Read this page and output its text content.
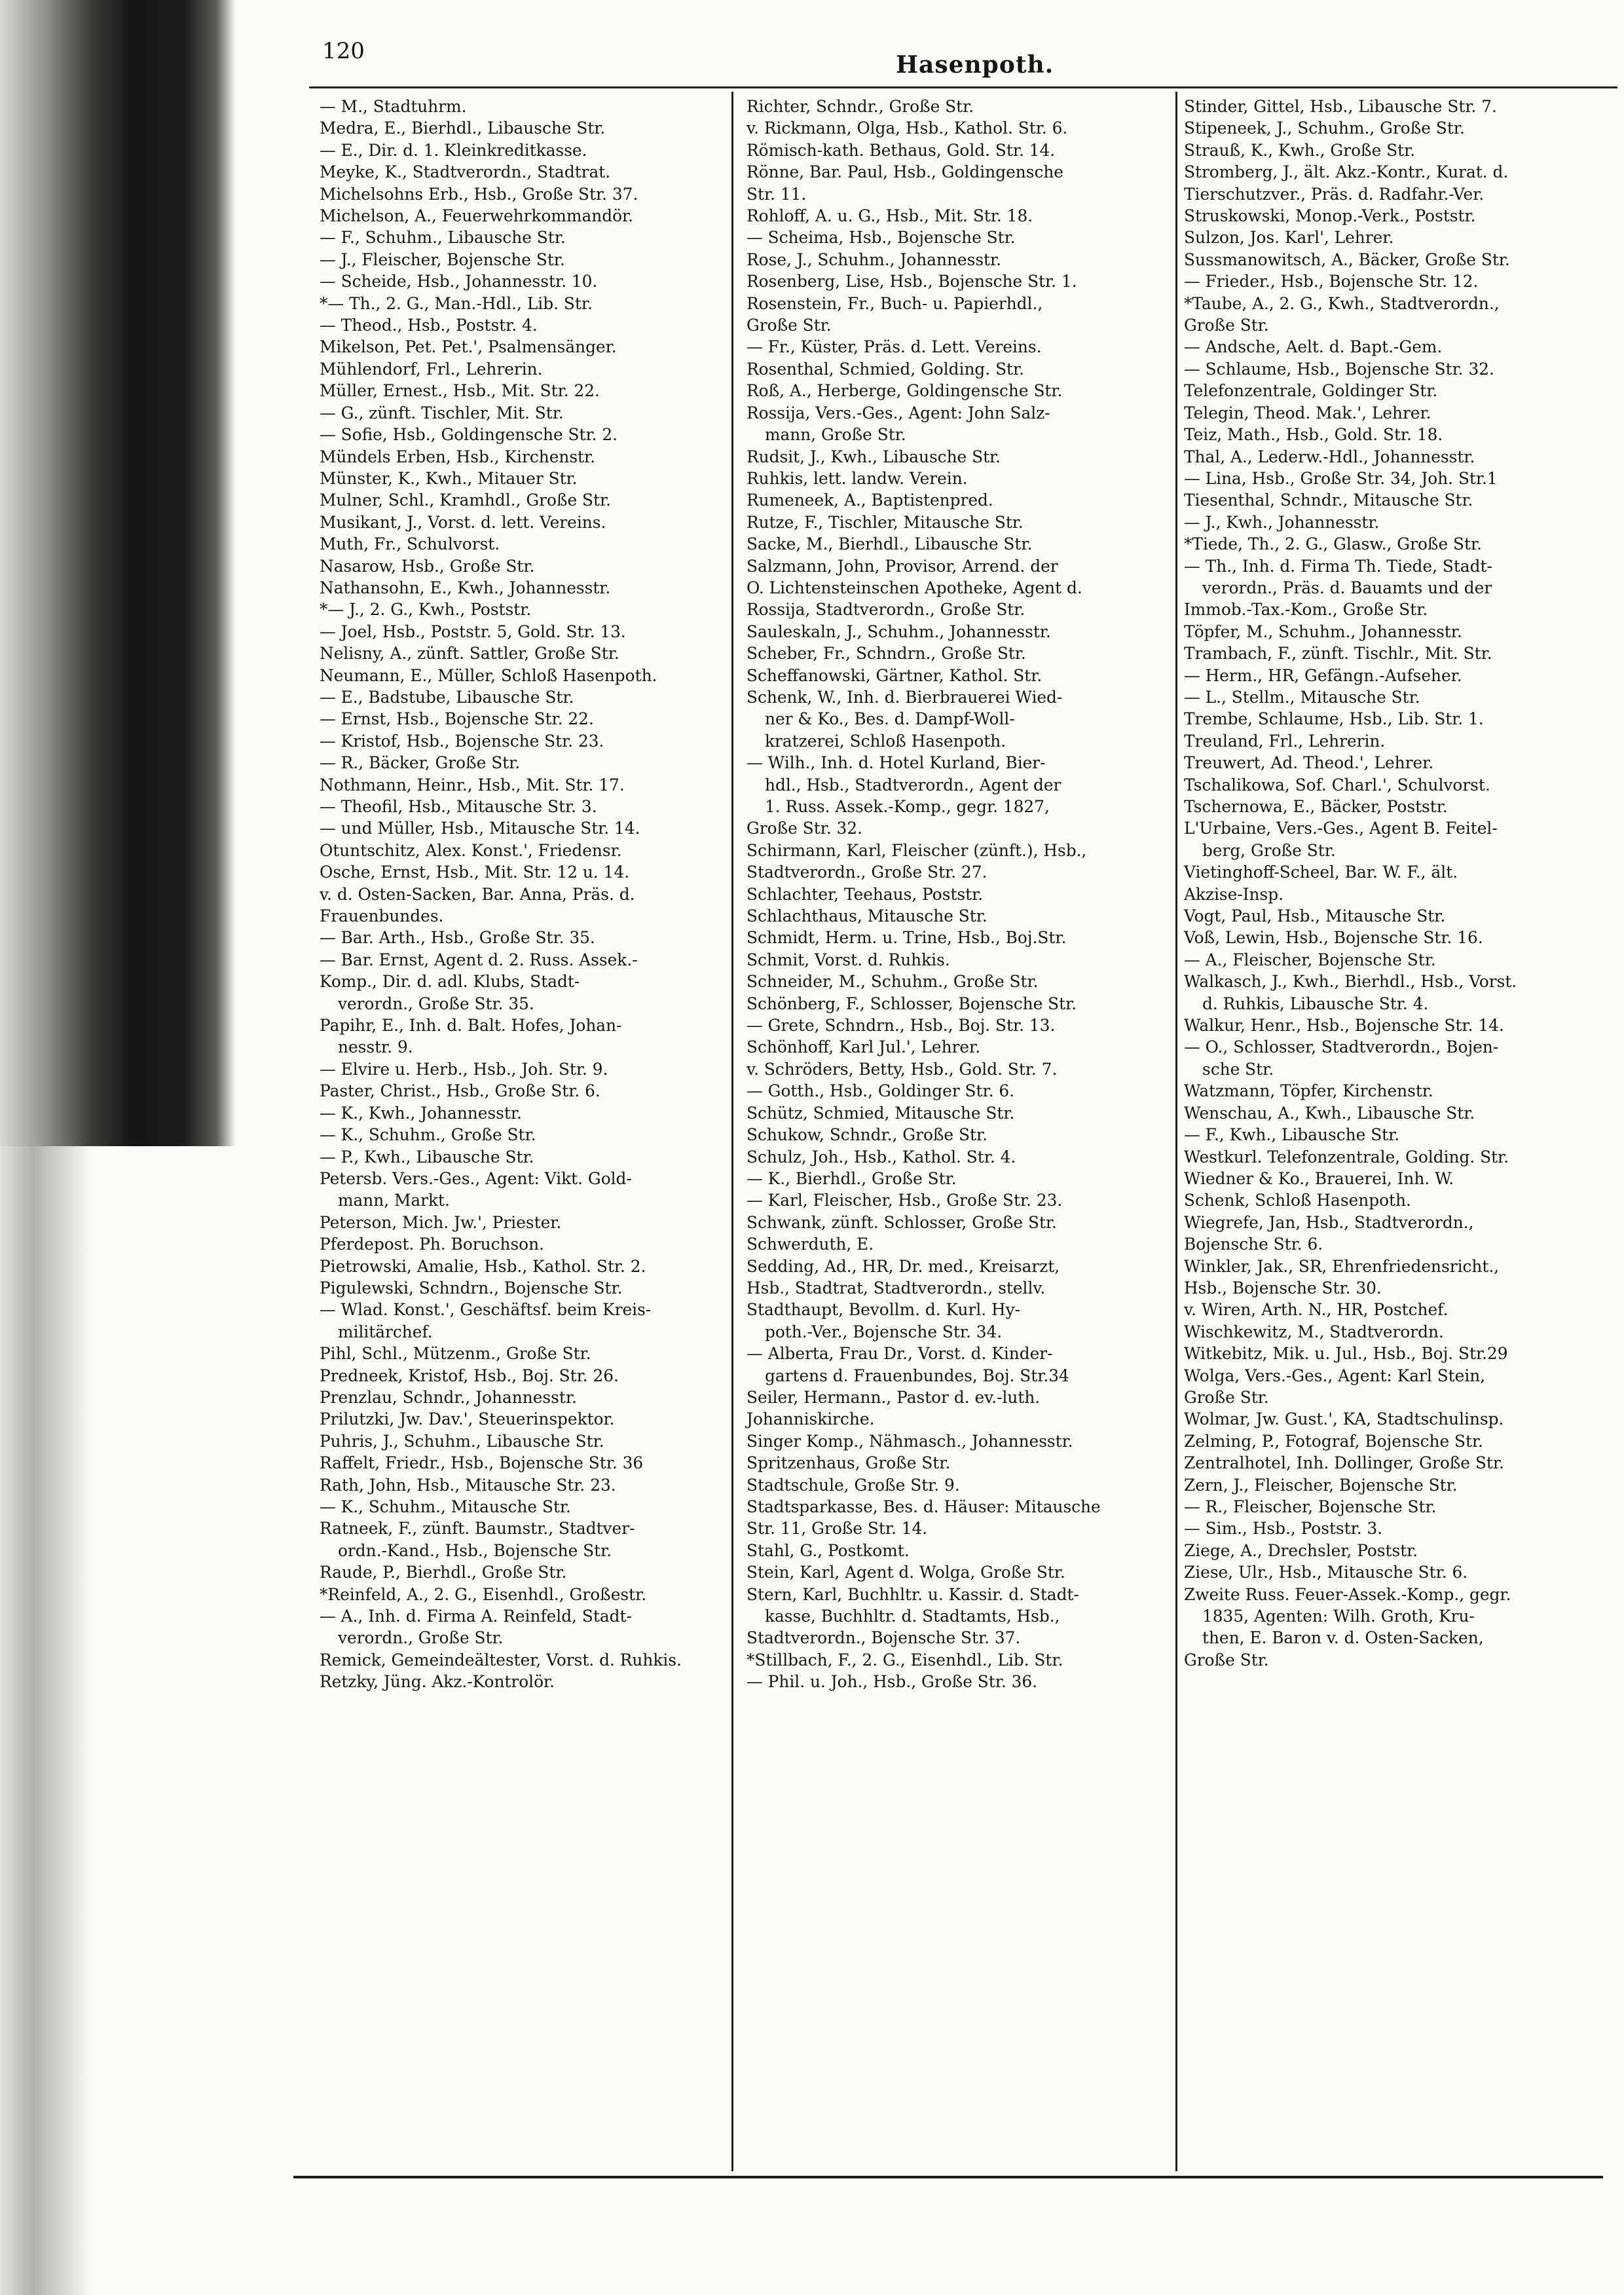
120	Hasenpoth.
— M., Stadtuhrm.
Medra, E., Bierhdl., Libausche Str.
— E., Dir. d. 1. Kleinkreditkasse.
Meyke, K., Stadtverordn., Stadtrat.
Michelsohns Erb., Hsb., Große Str. 37.
Michelson, A., Feuerwehrkommandör.
— F., Schuhm., Libausche Str.
— J., Fleischer, Bojensche Str.
— Scheide, Hsb., Johannesstr. 10.
*— Th., 2. G., Man.-Hdl., Lib. Str.
— Theod., Hsb., Poststr. 4.
Mikelson, Pet. Pet.', Psalmensänger.
Mühlendorf, Frl., Lehrerin.
Müller, Ernest., Hsb., Mit. Str. 22.
— G., zünft. Tischler, Mit. Str.
— Sofie, Hsb., Goldingensche Str. 2.
Mündels Erben, Hsb., Kirchenstr.
Münster, K., Kwh., Mitauer Str.
Mulner, Schl., Kramhdl., Große Str.
Musikant, J., Vorst. d. lett. Vereins.
Muth, Fr., Schulvorst.
Nasarow, Hsb., Große Str.
Nathansohn, E., Kwh., Johannesstr.
*— J., 2. G., Kwh., Poststr.
— Joel, Hsb., Poststr. 5, Gold. Str. 13.
Nelisny, A., zünft. Sattler, Große Str.
Neumann, E., Müller, Schloß Hasenpoth.
— E., Badstube, Libausche Str.
— Ernst, Hsb., Bojensche Str. 22.
— Kristof, Hsb., Bojensche Str. 23.
— R., Bäcker, Große Str.
Nothmann, Heinr., Hsb., Mit. Str. 17.
— Theofil, Hsb., Mitausche Str. 3.
— und Müller, Hsb., Mitausche Str. 14.
Otuntschitz, Alex. Konst.', Friedensr.
Osche, Ernst, Hsb., Mit. Str. 12 u. 14.
v. d. Osten-Sacken, Bar. Anna, Präs. d.
Frauenbundes.
— Bar. Arth., Hsb., Große Str. 35.
— Bar. Ernst, Agent d. 2. Russ. Assek.-
Komp., Dir. d. adl. Klubs, Stadt-
verordn., Große Str. 35.
Papihr, E., Inh. d. Balt. Hofes, Johan-
nesstr. 9.
— Elvire u. Herb., Hsb., Joh. Str. 9.
Paster, Christ., Hsb., Große Str. 6.
— K., Kwh., Johannesstr.
— K., Schuhm., Große Str.
— P., Kwh., Libausche Str.
Petersb. Vers.-Ges., Agent: Vikt. Gold-
mann, Markt.
Peterson, Mich. Jw.', Priester.
Pferdepost. Ph. Boruchson.
Pietrowski, Amalie, Hsb., Kathol. Str. 2.
Pigulewski, Schndrn., Bojensche Str.
— Wlad. Konst.', Geschäftsf. beim Kreis-
militärchef.
Pihl, Schl., Mützenm., Große Str.
Predneek, Kristof, Hsb., Boj. Str. 26.
Prenzlau, Schndr., Johannesstr.
Prilutzki, Jw. Dav.', Steuerinspektor.
Puhris, J., Schuhm., Libausche Str.
Raffelt, Friedr., Hsb., Bojensche Str. 36
Rath, John, Hsb., Mitausche Str. 23.
— K., Schuhm., Mitausche Str.
Ratneek, F., zünft. Baumstr., Stadtver-
ordn.-Kand., Hsb., Bojensche Str.
Raude, P., Bierhdl., Große Str.
*Reinfeld, A., 2. G., Eisenhdl., Großestr.
— A., Inh. d. Firma A. Reinfeld, Stadt-
verordn., Große Str.
Remick, Gemeindeältester, Vorst. d. Ruhkis.
Retzky, Jüng. Akz.-Kontrolör.
Richter, Schndr., Große Str.
v. Rickmann, Olga, Hsb., Kathol. Str. 6.
Römisch-kath. Bethaus, Gold. Str. 14.
Rönne, Bar. Paul, Hsb., Goldingensche
Str. 11.
Rohloff, A. u. G., Hsb., Mit. Str. 18.
— Scheima, Hsb., Bojensche Str.
Rose, J., Schuhm., Johannesstr.
Rosenberg, Lise, Hsb., Bojensche Str. 1.
Rosenstein, Fr., Buch- u. Papierhdl.,
Große Str.
— Fr., Küster, Präs. d. Lett. Vereins.
Rosenthal, Schmied, Golding. Str.
Roß, A., Herberge, Goldingensche Str.
Rossija, Vers.-Ges., Agent: John Salz-
mann, Große Str.
Rudsit, J., Kwh., Libausche Str.
Ruhkis, lett. landw. Verein.
Rumeneek, A., Baptistenpred.
Rutze, F., Tischler, Mitausche Str.
Sacke, M., Bierhdl., Libausche Str.
Salzmann, John, Provisor, Arrend. der
O. Lichtensteinschen Apotheke, Agent d.
Rossija, Stadtverordn., Große Str.
Sauleskaln, J., Schuhm., Johannesstr.
Scheber, Fr., Schndrn., Große Str.
Scheffanowski, Gärtner, Kathol. Str.
Schenk, W., Inh. d. Bierbrauerei Wied-
ner & Ko., Bes. d. Dampf-Woll-
kratzerei, Schloß Hasenpoth.
— Wilh., Inh. d. Hotel Kurland, Bier-
hdl., Hsb., Stadtverordn., Agent der
1. Russ. Assek.-Komp., gegr. 1827,
Große Str. 32.
Schirmann, Karl, Fleischer (zünft.), Hsb.,
Stadtverordn., Große Str. 27.
Schlachter, Teehaus, Poststr.
Schlachthaus, Mitausche Str.
Schmidt, Herm. u. Trine, Hsb., Boj.Str.
Schmit, Vorst. d. Ruhkis.
Schneider, M., Schuhm., Große Str.
Schönberg, F., Schlosser, Bojensche Str.
— Grete, Schndrn., Hsb., Boj. Str. 13.
Schönhoff, Karl Jul.', Lehrer.
v. Schröders, Betty, Hsb., Gold. Str. 7.
— Gotth., Hsb., Goldinger Str. 6.
Schütz, Schmied, Mitausche Str.
Schukow, Schndr., Große Str.
Schulz, Joh., Hsb., Kathol. Str. 4.
— K., Bierhdl., Große Str.
— Karl, Fleischer, Hsb., Große Str. 23.
Schwank, zünft. Schlosser, Große Str.
Schwerduth, E.
Sedding, Ad., HR, Dr. med., Kreisarzt,
Hsb., Stadtrat, Stadtverordn., stellv.
Stadthaupt, Bevollm. d. Kurl. Hy-
poth.-Ver., Bojensche Str. 34.
— Alberta, Frau Dr., Vorst. d. Kinder-
gartens d. Frauenbundes, Boj. Str.34
Seiler, Hermann., Pastor d. ev.-luth.
Johanniskirche.
Singer Komp., Nähmasch., Johannesstr.
Spritzenhaus, Große Str.
Stadtschule, Große Str. 9.
Stadtsparkasse, Bes. d. Häuser: Mitausche
Str. 11, Große Str. 14.
Stahl, G., Postkomt.
Stein, Karl, Agent d. Wolga, Große Str.
Stern, Karl, Buchhltr. u. Kassir. d. Stadt-
kasse, Buchhltr. d. Stadtamts, Hsb.,
Stadtverordn., Bojensche Str. 37.
*Stillbach, F., 2. G., Eisenhdl., Lib. Str.
— Phil. u. Joh., Hsb., Große Str. 36.
Stinder, Gittel, Hsb., Libausche Str. 7.
Stipeneek, J., Schuhm., Große Str.
Strauß, K., Kwh., Große Str.
Stromberg, J., ält. Akz.-Kontr., Kurat. d.
Tierschutzver., Präs. d. Radfahr.-Ver.
Struskowski, Monop.-Verk., Poststr.
Sulzon, Jos. Karl', Lehrer.
Sussmanowitsch, A., Bäcker, Große Str.
— Frieder., Hsb., Bojensche Str. 12.
*Taube, A., 2. G., Kwh., Stadtverordn.,
Große Str.
— Andsche, Aelt. d. Bapt.-Gem.
— Schlaume, Hsb., Bojensche Str. 32.
Telefonzentrale, Goldinger Str.
Telegin, Theod. Mak.', Lehrer.
Teiz, Math., Hsb., Gold. Str. 18.
Thal, A., Lederw.-Hdl., Johannesstr.
— Lina, Hsb., Große Str. 34, Joh. Str.1
Tiesenthal, Schndr., Mitausche Str.
— J., Kwh., Johannesstr.
*Tiede, Th., 2. G., Glasw., Große Str.
— Th., Inh. d. Firma Th. Tiede, Stadt-
verordn., Präs. d. Bauamts und der
Immob.-Tax.-Kom., Große Str.
Töpfer, M., Schuhm., Johannesstr.
Trambach, F., zünft. Tischlr., Mit. Str.
— Herm., HR, Gefängn.-Aufseher.
— L., Stellm., Mitausche Str.
Trembe, Schlaume, Hsb., Lib. Str. 1.
Treuland, Frl., Lehrerin.
Treuwert, Ad. Theod.', Lehrer.
Tschalikowa, Sof. Charl.', Schulvorst.
Tschernowa, E., Bäcker, Poststr.
L'Urbaine, Vers.-Ges., Agent B. Feitel-
berg, Große Str.
Vietinghoff-Scheel, Bar. W. F., ält.
Akzise-Insp.
Vogt, Paul, Hsb., Mitausche Str.
Voß, Lewin, Hsb., Bojensche Str. 16.
— A., Fleischer, Bojensche Str.
Walkasch, J., Kwh., Bierhdl., Hsb., Vorst.
d. Ruhkis, Libausche Str. 4.
Walkur, Henr., Hsb., Bojensche Str. 14.
— O., Schlosser, Stadtverordn., Bojen-
sche Str.
Watzmann, Töpfer, Kirchenstr.
Wenschau, A., Kwh., Libausche Str.
— F., Kwh., Libausche Str.
Westkurl. Telefonzentrale, Golding. Str.
Wiedner & Ko., Brauerei, Inh. W.
Schenk, Schloß Hasenpoth.
Wiegrefe, Jan, Hsb., Stadtverordn.,
Bojensche Str. 6.
Winkler, Jak., SR, Ehrenfriedensricht.,
Hsb., Bojensche Str. 30.
v. Wiren, Arth. N., HR, Postchef.
Wischkewitz, M., Stadtverordn.
Witkebitz, Mik. u. Jul., Hsb., Boj. Str.29
Wolga, Vers.-Ges., Agent: Karl Stein,
Große Str.
Wolmar, Jw. Gust.', KA, Stadtschulinsp.
Zelming, P., Fotograf, Bojensche Str.
Zentralhotel, Inh. Dollinger, Große Str.
Zern, J., Fleischer, Bojensche Str.
— R., Fleischer, Bojensche Str.
— Sim., Hsb., Poststr. 3.
Ziege, A., Drechsler, Poststr.
Ziese, Ulr., Hsb., Mitausche Str. 6.
Zweite Russ. Feuer-Assek.-Komp., gegr.
1835, Agenten: Wilh. Groth, Kru-
then, E. Baron v. d. Osten-Sacken,
Große Str.
